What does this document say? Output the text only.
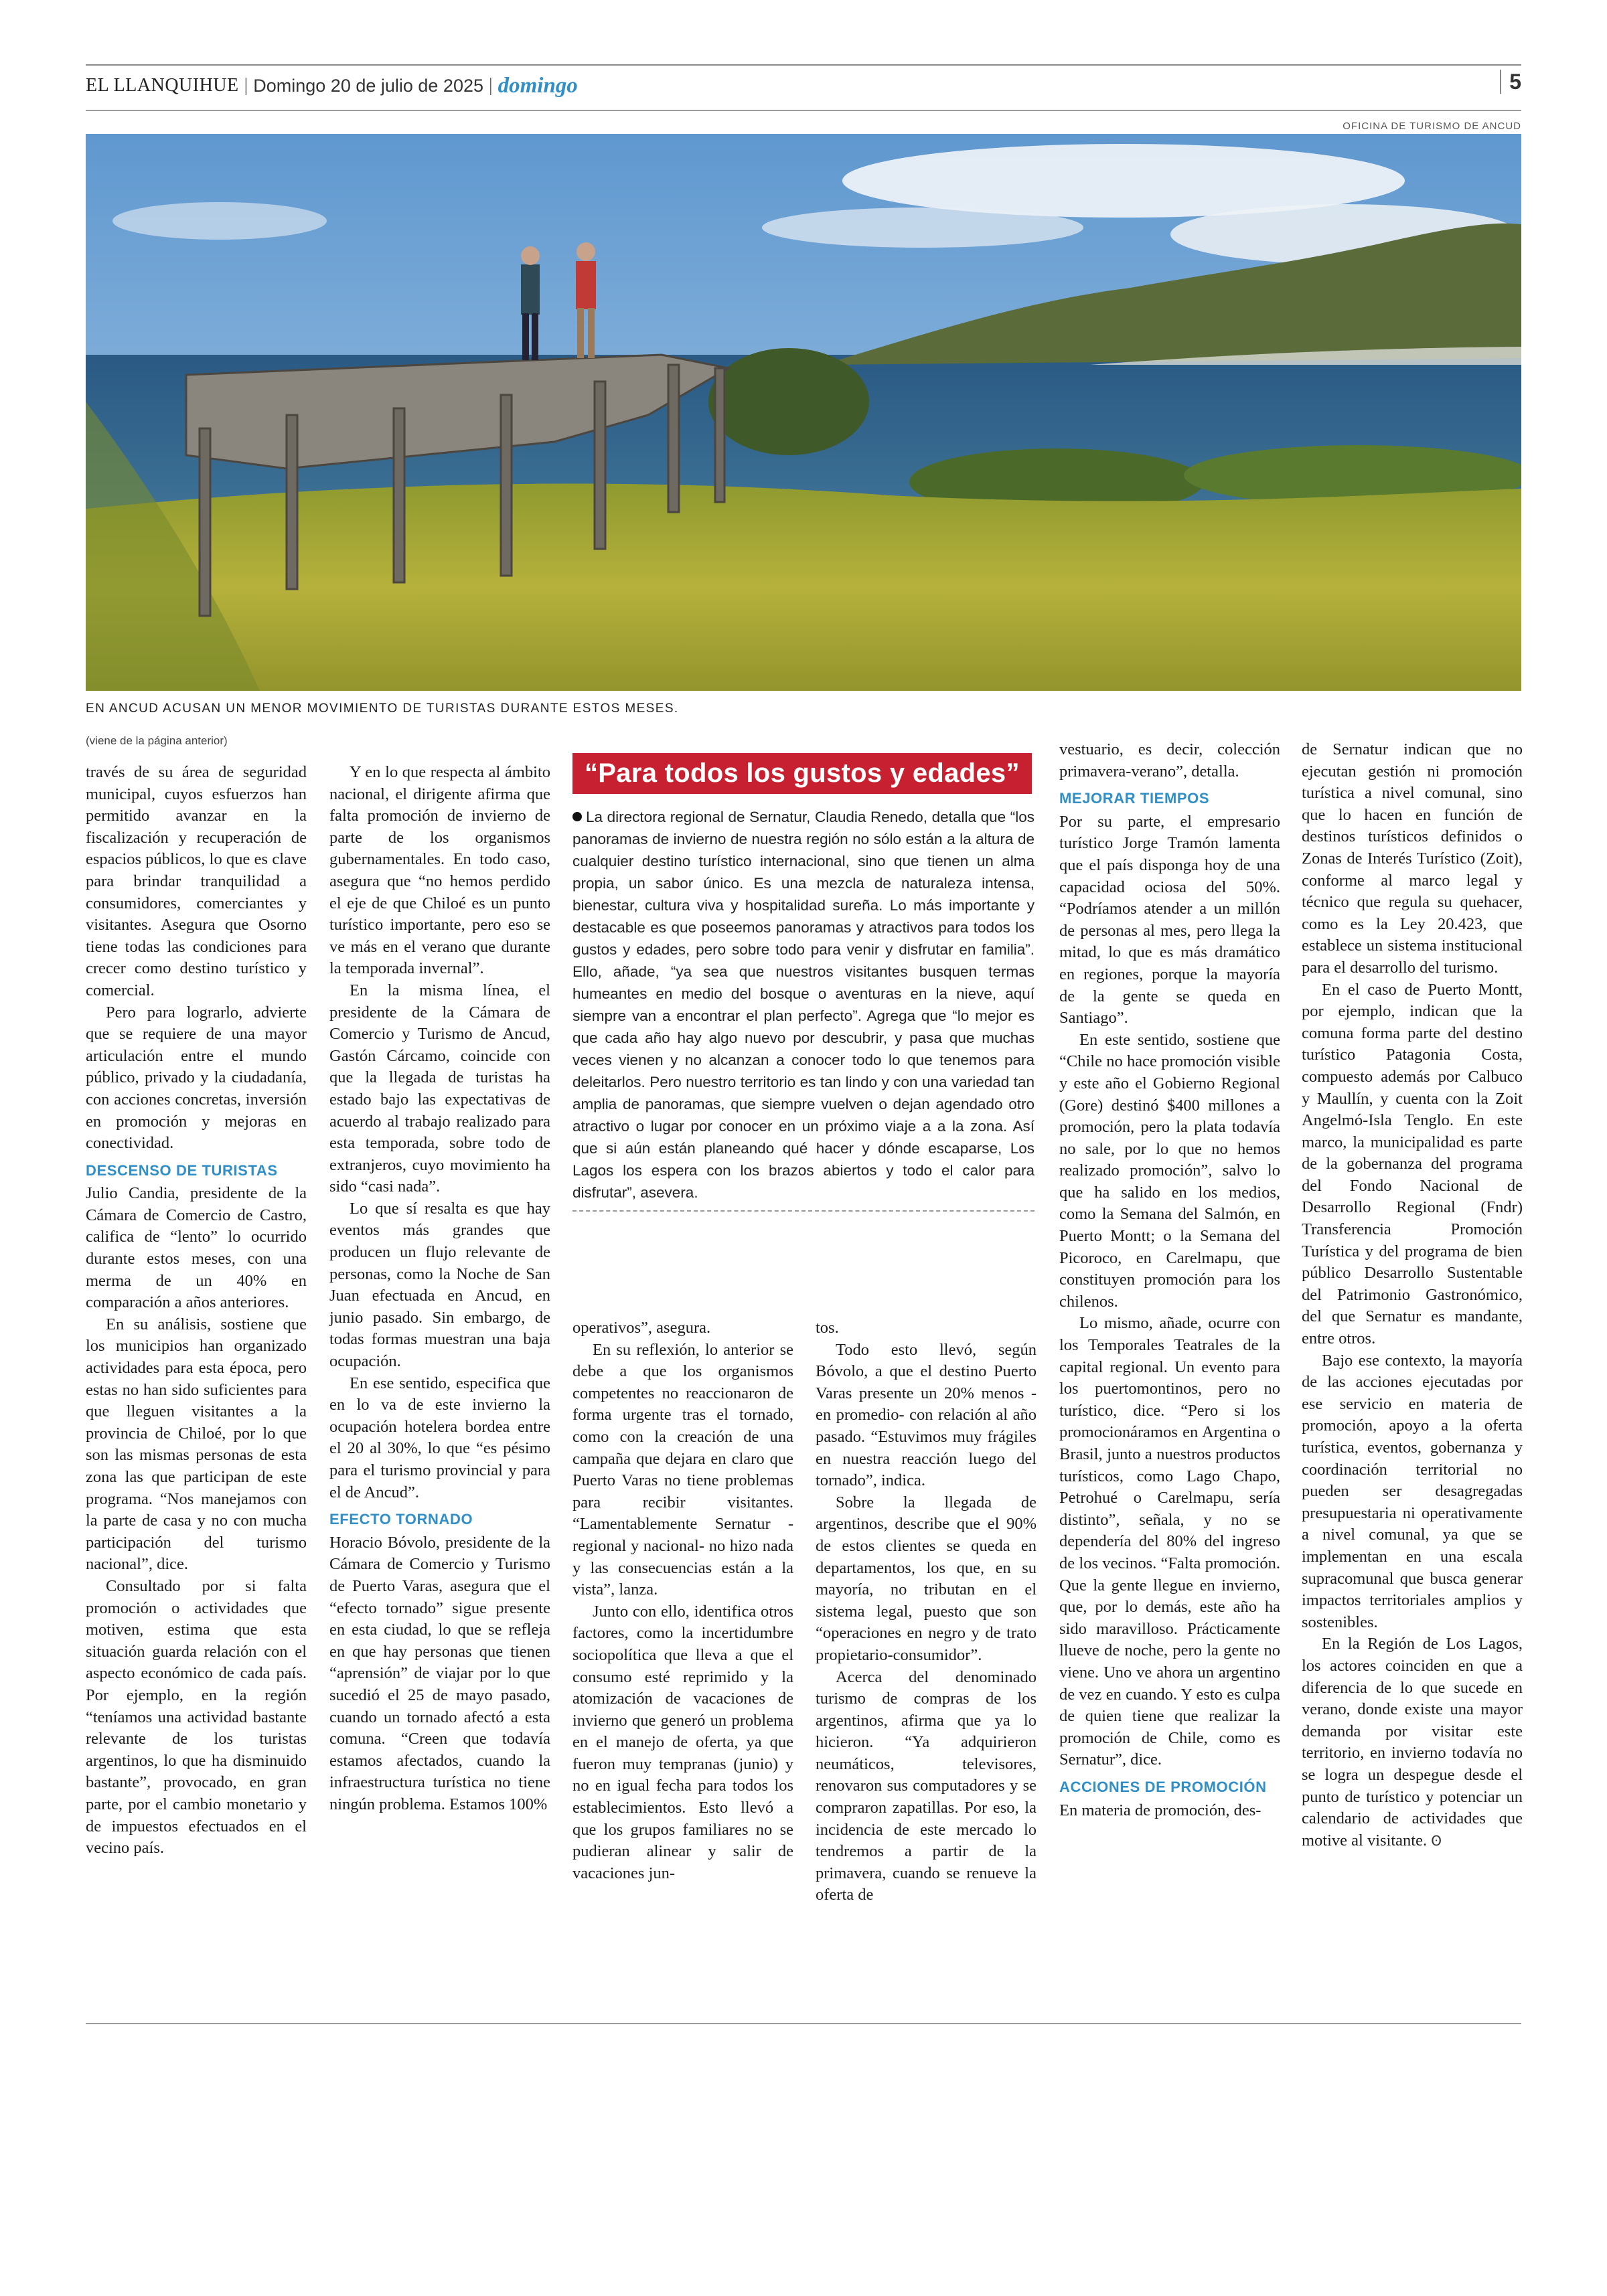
EL LLANQUIHUE | Domingo 20 de julio de 2025 | domingo	5
OFICINA DE TURISMO DE ANCUD
EN ANCUD ACUSAN UN MENOR MOVIMIENTO DE TURISTAS DURANTE ESTOS MESES.
(viene de la página anterior)

través de su área de seguridad municipal, cuyos esfuerzos han permitido avanzar en la fiscalización y recuperación de espacios públicos, lo que es clave para brindar tranquilidad a consumidores, comerciantes y visitantes. Asegura que Osorno tiene todas las condiciones para crecer como destino turístico y comercial.

Pero para lograrlo, advierte que se requiere de una mayor articulación entre el mundo público, privado y la ciudadanía, con acciones concretas, inversión en promoción y mejoras en conectividad.

DESCENSO DE TURISTAS

Julio Candia, presidente de la Cámara de Comercio de Castro, califica de “lento” lo ocurrido durante estos meses, con una merma de un 40% en comparación a años anteriores.

En su análisis, sostiene que los municipios han organizado actividades para esta época, pero estas no han sido suficientes para que lleguen visitantes a la provincia de Chiloé, por lo que son las mismas personas de esta zona las que participan de este programa. “Nos manejamos con la parte de casa y no con mucha participación del turismo nacional”, dice.

Consultado por si falta promoción o actividades que motiven, estima que esta situación guarda relación con el aspecto económico de cada país. Por ejemplo, en la región “teníamos una actividad bastante relevante de los turistas argentinos, lo que ha disminuido bastante”, provocado, en gran parte, por el cambio monetario y de impuestos efectuados en el vecino país.

Y en lo que respecta al ámbito nacional, el dirigente afirma que falta promoción de invierno de parte de los organismos gubernamentales. En todo caso, asegura que “no hemos perdido el eje de que Chiloé es un punto turístico importante, pero eso se ve más en el verano que durante la temporada invernal”.

En la misma línea, el presidente de la Cámara de Comercio y Turismo de Ancud, Gastón Cárcamo, coincide con que la llegada de turistas ha estado bajo las expectativas de acuerdo al trabajo realizado para esta temporada, sobre todo de extranjeros, cuyo movimiento ha sido “casi nada”.

Lo que sí resalta es que hay eventos más grandes que producen un flujo relevante de personas, como la Noche de San Juan efectuada en Ancud, en junio pasado. Sin embargo, de todas formas muestran una baja ocupación.

En ese sentido, especifica que en lo va de este invierno la ocupación hotelera bordea entre el 20 al 30%, lo que “es pésimo para el turismo provincial y para el de Ancud”.

EFECTO TORNADO

Horacio Bóvolo, presidente de la Cámara de Comercio y Turismo de Puerto Varas, asegura que el “efecto tornado” sigue presente en esta ciudad, lo que se refleja en que hay personas que tienen “aprensión” de viajar por lo que sucedió el 25 de mayo pasado, cuando un tornado afectó a esta comuna. “Creen que todavía estamos afectados, cuando la infraestructura turística no tiene ningún problema. Estamos 100%

“Para todos los gustos y edades”
La directora regional de Sernatur, Claudia Renedo, detalla que “los panoramas de invierno de nuestra región no sólo están a la altura de cualquier destino turístico internacional, sino que tienen un alma propia, un sabor único. Es una mezcla de naturaleza intensa, bienestar, cultura viva y hospitalidad sureña. Lo más importante y destacable es que poseemos panoramas y atractivos para todos los gustos y edades, pero sobre todo para venir y disfrutar en familia”. Ello, añade, “ya sea que nuestros visitantes busquen termas humeantes en medio del bosque o aventuras en la nieve, aquí siempre van a encontrar el plan perfecto”. Agrega que “lo mejor es que cada año hay algo nuevo por descubrir, y pasa que muchas veces vienen y no alcanzan a conocer todo lo que tenemos para deleitarlos. Pero nuestro territorio es tan lindo y con una variedad tan amplia de panoramas, que siempre vuelven o dejan agendado otro atractivo o lugar por conocer en un próximo viaje a a la zona. Así que si aún están planeando qué hacer y dónde escaparse, Los Lagos los espera con los brazos abiertos y todo el calor para disfrutar”, asevera.

operativos”, asegura.

En su reflexión, lo anterior se debe a que los organismos competentes no reaccionaron de forma urgente tras el tornado, como con la creación de una campaña que dejara en claro que Puerto Varas no tiene problemas para recibir visitantes. “Lamentablemente Sernatur -regional y nacional- no hizo nada y las consecuencias están a la vista”, lanza.

Junto con ello, identifica otros factores, como la incertidumbre sociopolítica que lleva a que el consumo esté reprimido y la atomización de vacaciones de invierno que generó un problema en el manejo de oferta, ya que fueron muy tempranas (junio) y no en igual fecha para todos los establecimientos. Esto llevó a que los grupos familiares no se pudieran alinear y salir de vacaciones jun-

tos.

Todo esto llevó, según Bóvolo, a que el destino Puerto Varas presente un 20% menos -en promedio- con relación al año pasado. “Estuvimos muy frágiles en nuestra reacción luego del tornado”, indica.

Sobre la llegada de argentinos, describe que el 90% de estos clientes se queda en departamentos, los que, en su mayoría, no tributan en el sistema legal, puesto que son “operaciones en negro y de trato propietario-consumidor”.

Acerca del denominado turismo de compras de los argentinos, afirma que ya lo hicieron. “Ya adquirieron neumáticos, televisores, renovaron sus computadores y se compraron zapatillas. Por eso, la incidencia de este mercado lo tendremos a partir de la primavera, cuando se renueve la oferta de

vestuario, es decir, colección primavera-verano”, detalla.

MEJORAR TIEMPOS

Por su parte, el empresario turístico Jorge Tramón lamenta que el país disponga hoy de una capacidad ociosa del 50%. “Podríamos atender a un millón de personas al mes, pero llega la mitad, lo que es más dramático en regiones, porque la mayoría de la gente se queda en Santiago”.

En este sentido, sostiene que “Chile no hace promoción visible y este año el Gobierno Regional (Gore) destinó $400 millones a promoción, pero la plata todavía no sale, por lo que no hemos realizado promoción”, salvo lo que ha salido en los medios, como la Semana del Salmón, en Puerto Montt; o la Semana del Picoroco, en Carelmapu, que constituyen promoción para los chilenos.

Lo mismo, añade, ocurre con los Temporales Teatrales de la capital regional. Un evento para los puertomontinos, pero no turístico, dice. “Pero si los promocionáramos en Argentina o Brasil, junto a nuestros productos turísticos, como Lago Chapo, Petrohué o Carelmapu, sería distinto”, señala, y no se dependería del 80% del ingreso de los vecinos. “Falta promoción. Que la gente llegue en invierno, que, por lo demás, este año ha sido maravilloso. Prácticamente llueve de noche, pero la gente no viene. Uno ve ahora un argentino de vez en cuando. Y esto es culpa de quien tiene que realizar la promoción de Chile, como es Sernatur”, dice.

ACCIONES DE PROMOCIÓN

En materia de promoción, des-

de Sernatur indican que no ejecutan gestión ni promoción turística a nivel comunal, sino que lo hacen en función de destinos turísticos definidos o Zonas de Interés Turístico (Zoit), conforme al marco legal y técnico que regula su quehacer, como es la Ley 20.423, que establece un sistema institucional para el desarrollo del turismo.

En el caso de Puerto Montt, por ejemplo, indican que la comuna forma parte del destino turístico Patagonia Costa, compuesto además por Calbuco y Maullín, y cuenta con la Zoit Angelmó-Isla Tenglo. En este marco, la municipalidad es parte de la gobernanza del programa del Fondo Nacional de Desarrollo Regional (Fndr) Transferencia Promoción Turística y del programa de bien público Desarrollo Sustentable del Patrimonio Gastronómico, del que Sernatur es mandante, entre otros.

Bajo ese contexto, la mayoría de las acciones ejecutadas por ese servicio en materia de promoción, apoyo a la oferta turística, eventos, gobernanza y coordinación territorial no pueden ser desagregadas presupuestaria ni operativamente a nivel comunal, ya que se implementan en una escala supracomunal que busca generar impactos territoriales amplios y sostenibles.

En la Región de Los Lagos, los actores coinciden en que a diferencia de lo que sucede en verano, donde existe una mayor demanda por visitar este territorio, en invierno todavía no se logra un despegue desde el punto de turístico y potenciar un calendario de actividades que motive al visitante. ʘ
